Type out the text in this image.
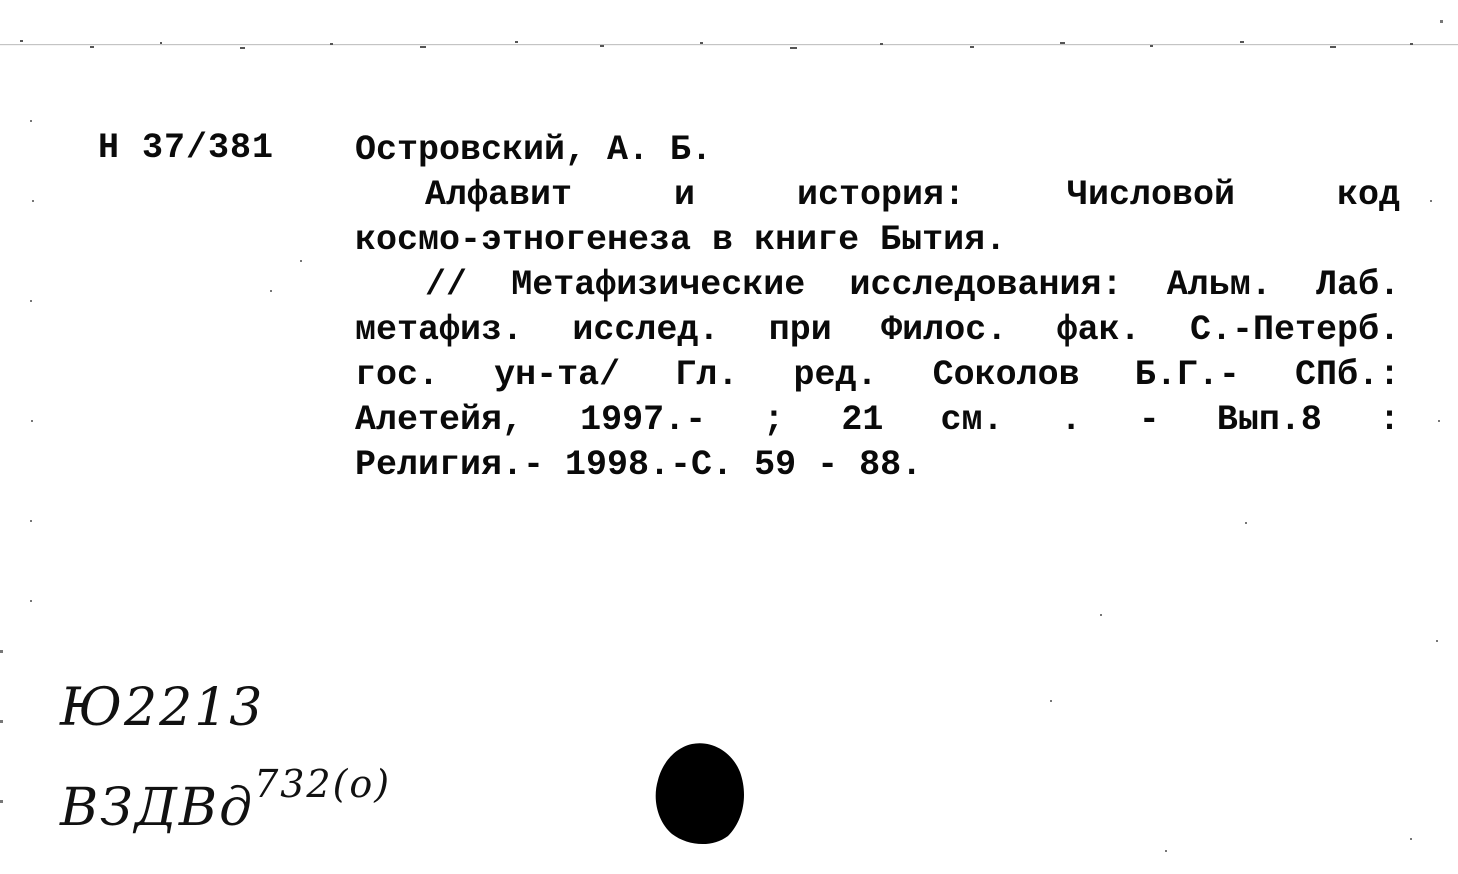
Н 37/381 Островский, А. Б.
Алфавит и история: Числовой код
космо-этногенеза в книге Бытия.
// Метафизические исследования: Альм. Лаб.
метафиз. исслед. при Филос. фак. С.-Петерб.
гос. ун-та/ Гл. ред. Соколов Б.Г.- СПб.:
Алетейя, 1997.- ; 21 см. . - Вып.8 :
Религия.- 1998.-С. 59 - 88.
Ю2213
ВЗДВд$^{732(о)}$
